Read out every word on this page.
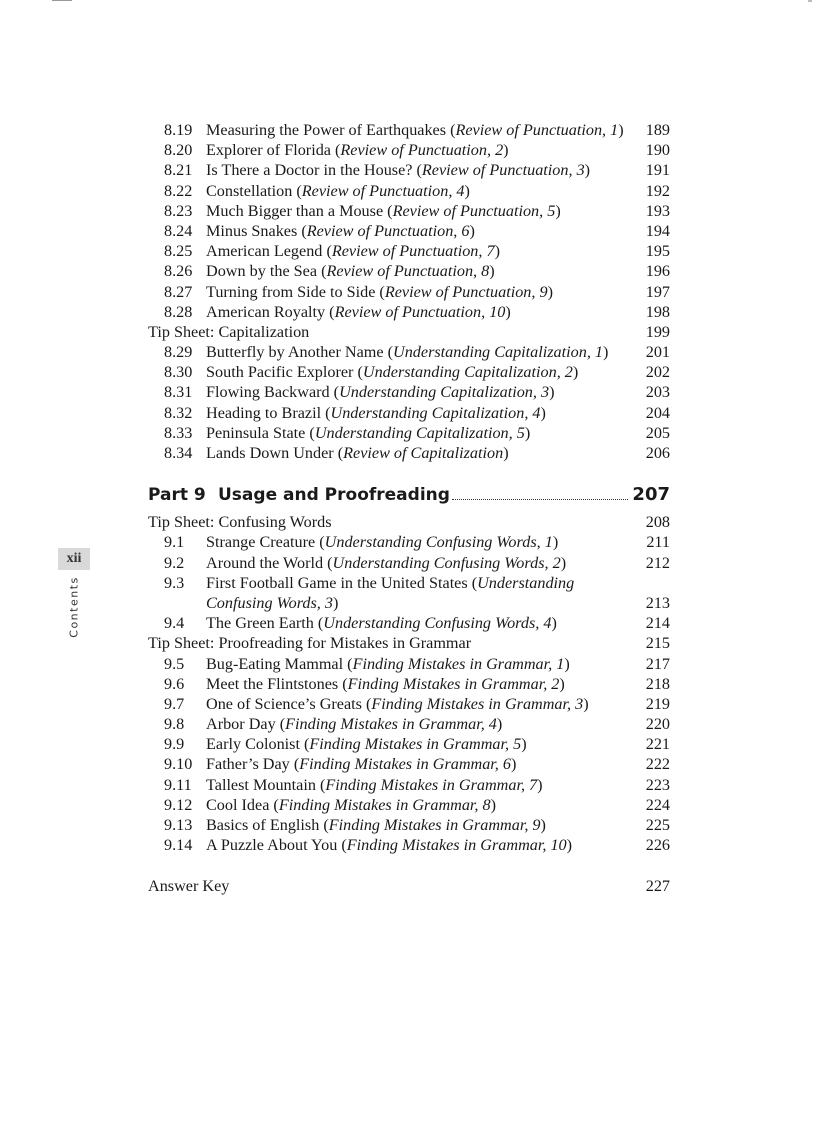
xii
Contents
8.19 Measuring the Power of Earthquakes (Review of Punctuation, 1)	189
8.20 Explorer of Florida (Review of Punctuation, 2)	190
8.21 Is There a Doctor in the House? (Review of Punctuation, 3)	191
8.22 Constellation (Review of Punctuation, 4)	192
8.23 Much Bigger than a Mouse (Review of Punctuation, 5)	193
8.24 Minus Snakes (Review of Punctuation, 6)	194
8.25 American Legend (Review of Punctuation, 7)	195
8.26 Down by the Sea (Review of Punctuation, 8)	196
8.27 Turning from Side to Side (Review of Punctuation, 9)	197
8.28 American Royalty (Review of Punctuation, 10)	198
Tip Sheet: Capitalization	199
8.29 Butterfly by Another Name (Understanding Capitalization, 1)	201
8.30 South Pacific Explorer (Understanding Capitalization, 2)	202
8.31 Flowing Backward (Understanding Capitalization, 3)	203
8.32 Heading to Brazil (Understanding Capitalization, 4)	204
8.33 Peninsula State (Understanding Capitalization, 5)	205
8.34 Lands Down Under (Review of Capitalization)	206
Part 9 Usage and Proofreading	207
Tip Sheet: Confusing Words	208
9.1	Strange Creature (Understanding Confusing Words, 1)	211
9.2	Around the World (Understanding Confusing Words, 2)	212
9.3	First Football Game in the United States (Understanding
Confusing Words, 3)	213
9.4	The Green Earth (Understanding Confusing Words, 4)	214
Tip Sheet: Proofreading for Mistakes in Grammar	215
9.5	Bug-Eating Mammal (Finding Mistakes in Grammar, 1)	217
9.6	Meet the Flintstones (Finding Mistakes in Grammar, 2)	218
9.7	One of Science’s Greats (Finding Mistakes in Grammar, 3)	219
9.8	Arbor Day (Finding Mistakes in Grammar, 4)	220
9.9	Early Colonist (Finding Mistakes in Grammar, 5)	221
9.10 Father’s Day (Finding Mistakes in Grammar, 6)	222
9.11 Tallest Mountain (Finding Mistakes in Grammar, 7)	223
9.12 Cool Idea (Finding Mistakes in Grammar, 8)	224
9.13 Basics of English (Finding Mistakes in Grammar, 9)	225
9.14 A Puzzle About You (Finding Mistakes in Grammar, 10)	226
Answer Key	227
